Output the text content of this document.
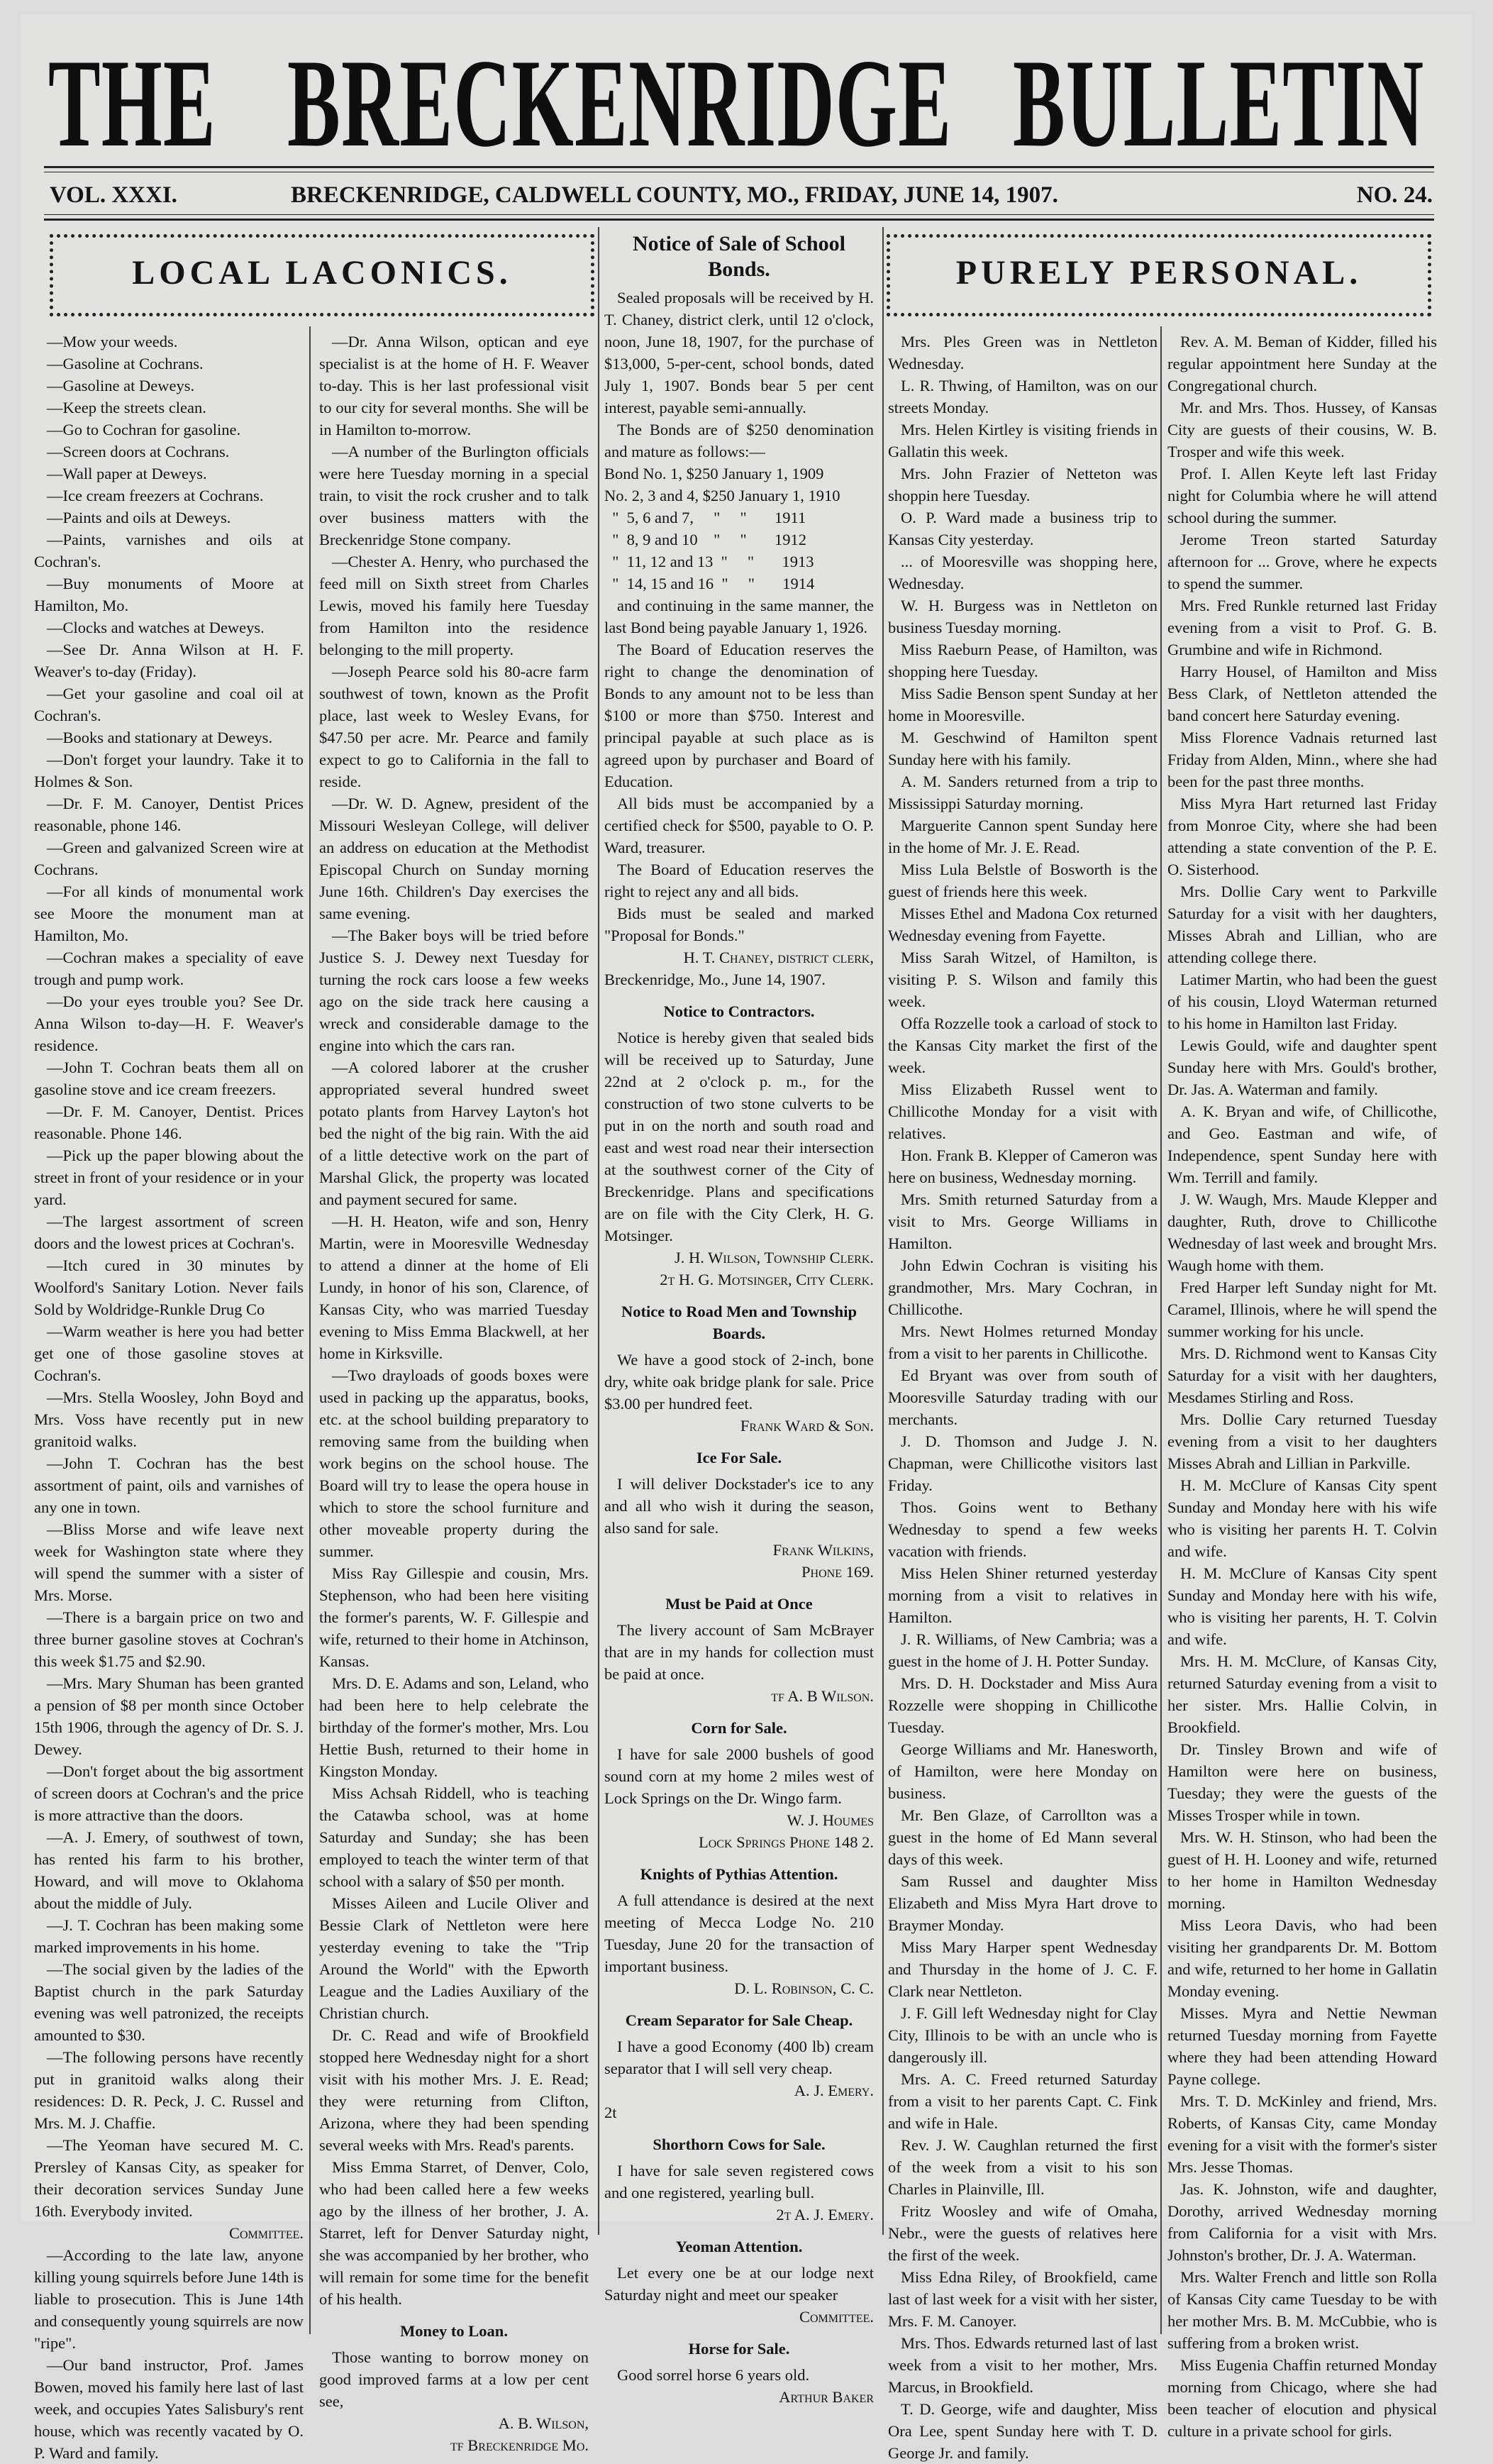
THE BRECKENRIDGE BULLETIN
VOL. XXXI.	BRECKENRIDGE, CALDWELL COUNTY, MO., FRIDAY, JUNE 14, 1907.	NO. 24.
LOCAL LACONICS.	PURELY PERSONAL.

—Mow your weeds.

—Gasoline at Cochrans.

—Gasoline at Deweys.

—Keep the streets clean.

—Go to Cochran for gasoline.

—Screen doors at Cochrans.

—Wall paper at Deweys.

—Ice cream freezers at Cochrans.

—Paints and oils at Deweys.

—Paints, varnishes and oils at Cochran's.

—Buy monuments of Moore at Hamilton, Mo.

—Clocks and watches at Deweys.

—See Dr. Anna Wilson at H. F. Weaver's to-day (Friday).

—Get your gasoline and coal oil at Cochran's.

—Books and stationary at Deweys.

—Don't forget your laundry. Take it to Holmes & Son.

—Dr. F. M. Canoyer, Dentist Prices reasonable, phone 146.

—Green and galvanized Screen wire at Cochrans.

—For all kinds of monumental work see Moore the monument man at Hamilton, Mo.

—Cochran makes a speciality of eave trough and pump work.

—Do your eyes trouble you? See Dr. Anna Wilson to-day—H. F. Weaver's residence.

—John T. Cochran beats them all on gasoline stove and ice cream freezers.

—Dr. F. M. Canoyer, Dentist. Prices reasonable. Phone 146.

—Pick up the paper blowing about the street in front of your residence or in your yard.

—The largest assortment of screen doors and the lowest prices at Cochran's.

—Itch cured in 30 minutes by Woolford's Sanitary Lotion. Never fails Sold by Woldridge-Runkle Drug Co

—Warm weather is here you had better get one of those gasoline stoves at Cochran's.

—Mrs. Stella Woosley, John Boyd and Mrs. Voss have recently put in new granitoid walks.

—John T. Cochran has the best assortment of paint, oils and varnishes of any one in town.

—Bliss Morse and wife leave next week for Washington state where they will spend the summer with a sister of Mrs. Morse.

—There is a bargain price on two and three burner gasoline stoves at Cochran's this week $1.75 and $2.90.

—Mrs. Mary Shuman has been granted a pension of $8 per month since October 15th 1906, through the agency of Dr. S. J. Dewey.

—Don't forget about the big assortment of screen doors at Cochran's and the price is more attractive than the doors.

—A. J. Emery, of southwest of town, has rented his farm to his brother, Howard, and will move to Oklahoma about the middle of July.

—J. T. Cochran has been making some marked improvements in his home.

—The social given by the ladies of the Baptist church in the park Saturday evening was well patronized, the receipts amounted to $30.

—The following persons have recently put in granitoid walks along their residences: D. R. Peck, J. C. Russel and Mrs. M. J. Chaffie.

—The Yeoman have secured M. C. Prersley of Kansas City, as speaker for their decoration services Sunday June 16th. Everybody invited.

Committee.

—According to the late law, anyone killing young squirrels before June 14th is liable to prosecution. This is June 14th and consequently young squirrels are now "ripe".

—Our band instructor, Prof. James Bowen, moved his family here last of last week, and occupies Yates Salisbury's rent house, which was recently vacated by O. P. Ward and family.

—Dr. Anna Wilson, optican and eye specialist is at the home of H. F. Weaver to-day. This is her last professional visit to our city for several months. She will be in Hamilton to-morrow.

—A number of the Burlington officials were here Tuesday morning in a special train, to visit the rock crusher and to talk over business matters with the Breckenridge Stone company.

—Chester A. Henry, who purchased the feed mill on Sixth street from Charles Lewis, moved his family here Tuesday from Hamilton into the residence belonging to the mill property.

—Joseph Pearce sold his 80-acre farm southwest of town, known as the Profit place, last week to Wesley Evans, for $47.50 per acre. Mr. Pearce and family expect to go to California in the fall to reside.

—Dr. W. D. Agnew, president of the Missouri Wesleyan College, will deliver an address on education at the Methodist Episcopal Church on Sunday morning June 16th. Children's Day exercises the same evening.

—The Baker boys will be tried before Justice S. J. Dewey next Tuesday for turning the rock cars loose a few weeks ago on the side track here causing a wreck and considerable damage to the engine into which the cars ran.

—A colored laborer at the crusher appropriated several hundred sweet potato plants from Harvey Layton's hot bed the night of the big rain. With the aid of a little detective work on the part of Marshal Glick, the property was located and payment secured for same.

—H. H. Heaton, wife and son, Henry Martin, were in Mooresville Wednesday to attend a dinner at the home of Eli Lundy, in honor of his son, Clarence, of Kansas City, who was married Tuesday evening to Miss Emma Blackwell, at her home in Kirksville.

—Two drayloads of goods boxes were used in packing up the apparatus, books, etc. at the school building preparatory to removing same from the building when work begins on the school house. The Board will try to lease the opera house in which to store the school furniture and other moveable property during the summer.

Miss Ray Gillespie and cousin, Mrs. Stephenson, who had been here visiting the former's parents, W. F. Gillespie and wife, returned to their home in Atchinson, Kansas.

Mrs. D. E. Adams and son, Leland, who had been here to help celebrate the birthday of the former's mother, Mrs. Lou Hettie Bush, returned to their home in Kingston Monday.

Miss Achsah Riddell, who is teaching the Catawba school, was at home Saturday and Sunday; she has been employed to teach the winter term of that school with a salary of $50 per month.

Misses Aileen and Lucile Oliver and Bessie Clark of Nettleton were here yesterday evening to take the "Trip Around the World" with the Epworth League and the Ladies Auxiliary of the Christian church.

Dr. C. Read and wife of Brookfield stopped here Wednesday night for a short visit with his mother Mrs. J. E. Read; they were returning from Clifton, Arizona, where they had been spending several weeks with Mrs. Read's parents.

Miss Emma Starret, of Denver, Colo, who had been called here a few weeks ago by the illness of her brother, J. A. Starret, left for Denver Saturday night, she was accompanied by her brother, who will remain for some time for the benefit of his health.

Money to Loan.

Those wanting to borrow money on good improved farms at a low per cent see,

A. B. Wilson,

tf Breckenridge Mo.

Notice of Sale of School Bonds.

Sealed proposals will be received by H. T. Chaney, district clerk, until 12 o'clock, noon, June 18, 1907, for the purchase of $13,000, 5-per-cent, school bonds, dated July 1, 1907. Bonds bear 5 per cent interest, payable semi-annually.

The Bonds are of $250 denomination and mature as follows:—

Bond No. 1, $250 January 1, 1909

No. 2, 3 and 4, $250 January 1, 1910

"  5, 6 and 7,     "     "       1911

"  8, 9 and 10    "     "       1912

"  11, 12 and 13  "     "       1913

"  14, 15 and 16  "     "       1914

and continuing in the same manner, the last Bond being payable January 1, 1926.

The Board of Education reserves the right to change the denomination of Bonds to any amount not to be less than $100 or more than $750. Interest and principal payable at such place as is agreed upon by purchaser and Board of Education.

All bids must be accompanied by a certified check for $500, payable to O. P. Ward, treasurer.

The Board of Education reserves the right to reject any and all bids.

Bids must be sealed and marked "Proposal for Bonds."

H. T. Chaney, district clerk,

Breckenridge, Mo., June 14, 1907.

Notice to Contractors.

Notice is hereby given that sealed bids will be received up to Saturday, June 22nd at 2 o'clock p. m., for the construction of two stone culverts to be put in on the north and south road and east and west road near their intersection at the southwest corner of the City of Breckenridge. Plans and specifications are on file with the City Clerk, H. G. Motsinger.

J. H. Wilson, Township Clerk.

2t H. G. Motsinger, City Clerk.

Notice to Road Men and Township Boards.

We have a good stock of 2-inch, bone dry, white oak bridge plank for sale. Price $3.00 per hundred feet.

Frank Ward & Son.

Ice For Sale.

I will deliver Dockstader's ice to any and all who wish it during the season, also sand for sale.

Frank Wilkins,

Phone 169.

Must be Paid at Once

The livery account of Sam McBrayer that are in my hands for collection must be paid at once.

tf A. B Wilson.

Corn for Sale.

I have for sale 2000 bushels of good sound corn at my home 2 miles west of Lock Springs on the Dr. Wingo farm.

W. J. Houmes

Lock Springs Phone 148 2.

Knights of Pythias Attention.

A full attendance is desired at the next meeting of Mecca Lodge No. 210 Tuesday, June 20 for the transaction of important business.

D. L. Robinson, C. C.

Cream Separator for Sale Cheap.

I have a good Economy (400 lb) cream separator that I will sell very cheap.

A. J. Emery.

2t

Shorthorn Cows for Sale.

I have for sale seven registered cows and one registered, yearling bull.

2t A. J. Emery.

Yeoman Attention.

Let every one be at our lodge next Saturday night and meet our speaker

Committee.

Horse for Sale.

Good sorrel horse 6 years old.

Arthur Baker

Mrs. Ples Green was in Nettleton Wednesday.

L. R. Thwing, of Hamilton, was on our streets Monday.

Mrs. Helen Kirtley is visiting friends in Gallatin this week.

Mrs. John Frazier of Netteton was shoppin here Tuesday.

O. P. Ward made a business trip to Kansas City yesterday.

... of Mooresville was shopping here, Wednesday.

W. H. Burgess was in Nettleton on business Tuesday morning.

Miss Raeburn Pease, of Hamilton, was shopping here Tuesday.

Miss Sadie Benson spent Sunday at her home in Mooresville.

M. Geschwind of Hamilton spent Sunday here with his family.

A. M. Sanders returned from a trip to Mississippi Saturday morning.

Marguerite Cannon spent Sunday here in the home of Mr. J. E. Read.

Miss Lula Belstle of Bosworth is the guest of friends here this week.

Misses Ethel and Madona Cox returned Wednesday evening from Fayette.

Miss Sarah Witzel, of Hamilton, is visiting P. S. Wilson and family this week.

Offa Rozzelle took a carload of stock to the Kansas City market the first of the week.

Miss Elizabeth Russel went to Chillicothe Monday for a visit with relatives.

Hon. Frank B. Klepper of Cameron was here on business, Wednesday morning.

Mrs. Smith returned Saturday from a visit to Mrs. George Williams in Hamilton.

John Edwin Cochran is visiting his grandmother, Mrs. Mary Cochran, in Chillicothe.

Mrs. Newt Holmes returned Monday from a visit to her parents in Chillicothe.

Ed Bryant was over from south of Mooresville Saturday trading with our merchants.

J. D. Thomson and Judge J. N. Chapman, were Chillicothe visitors last Friday.

Thos. Goins went to Bethany Wednesday to spend a few weeks vacation with friends.

Miss Helen Shiner returned yesterday morning from a visit to relatives in Hamilton.

J. R. Williams, of New Cambria; was a guest in the home of J. H. Potter Sunday.

Mrs. D. H. Dockstader and Miss Aura Rozzelle were shopping in Chillicothe Tuesday.

George Williams and Mr. Hanesworth, of Hamilton, were here Monday on business.

Mr. Ben Glaze, of Carrollton was a guest in the home of Ed Mann several days of this week.

Sam Russel and daughter Miss Elizabeth and Miss Myra Hart drove to Braymer Monday.

Miss Mary Harper spent Wednesday and Thursday in the home of J. C. F. Clark near Nettleton.

J. F. Gill left Wednesday night for Clay City, Illinois to be with an uncle who is dangerously ill.

Mrs. A. C. Freed returned Saturday from a visit to her parents Capt. C. Fink and wife in Hale.

Rev. J. W. Caughlan returned the first of the week from a visit to his son Charles in Plainville, Ill.

Fritz Woosley and wife of Omaha, Nebr., were the guests of relatives here the first of the week.

Miss Edna Riley, of Brookfield, came last of last week for a visit with her sister, Mrs. F. M. Canoyer.

Mrs. Thos. Edwards returned last of last week from a visit to her mother, Mrs. Marcus, in Brookfield.

T. D. George, wife and daughter, Miss Ora Lee, spent Sunday here with T. D. George Jr. and family.

Rev. A. M. Beman of Kidder, filled his regular appointment here Sunday at the Congregational church.

Mr. and Mrs. Thos. Hussey, of Kansas City are guests of their cousins, W. B. Trosper and wife this week.

Prof. I. Allen Keyte left last Friday night for Columbia where he will attend school during the summer.

Jerome Treon started Saturday afternoon for ... Grove, where he expects to spend the summer.

Mrs. Fred Runkle returned last Friday evening from a visit to Prof. G. B. Grumbine and wife in Richmond.

Harry Housel, of Hamilton and Miss Bess Clark, of Nettleton attended the band concert here Saturday evening.

Miss Florence Vadnais returned last Friday from Alden, Minn., where she had been for the past three months.

Miss Myra Hart returned last Friday from Monroe City, where she had been attending a state convention of the P. E. O. Sisterhood.

Mrs. Dollie Cary went to Parkville Saturday for a visit with her daughters, Misses Abrah and Lillian, who are attending college there.

Latimer Martin, who had been the guest of his cousin, Lloyd Waterman returned to his home in Hamilton last Friday.

Lewis Gould, wife and daughter spent Sunday here with Mrs. Gould's brother, Dr. Jas. A. Waterman and family.

A. K. Bryan and wife, of Chillicothe, and Geo. Eastman and wife, of Independence, spent Sunday here with Wm. Terrill and family.

J. W. Waugh, Mrs. Maude Klepper and daughter, Ruth, drove to Chillicothe Wednesday of last week and brought Mrs. Waugh home with them.

Fred Harper left Sunday night for Mt. Caramel, Illinois, where he will spend the summer working for his uncle.

Mrs. D. Richmond went to Kansas City Saturday for a visit with her daughters, Mesdames Stirling and Ross.

Mrs. Dollie Cary returned Tuesday evening from a visit to her daughters Misses Abrah and Lillian in Parkville.

H. M. McClure of Kansas City spent Sunday and Monday here with his wife who is visiting her parents H. T. Colvin and wife.

H. M. McClure of Kansas City spent Sunday and Monday here with his wife, who is visiting her parents, H. T. Colvin and wife.

Mrs. H. M. McClure, of Kansas City, returned Saturday evening from a visit to her sister. Mrs. Hallie Colvin, in Brookfield.

Dr. Tinsley Brown and wife of Hamilton were here on business, Tuesday; they were the guests of the Misses Trosper while in town.

Mrs. W. H. Stinson, who had been the guest of H. H. Looney and wife, returned to her home in Hamilton Wednesday morning.

Miss Leora Davis, who had been visiting her grandparents Dr. M. Bottom and wife, returned to her home in Gallatin Monday evening.

Misses. Myra and Nettie Newman returned Tuesday morning from Fayette where they had been attending Howard Payne college.

Mrs. T. D. McKinley and friend, Mrs. Roberts, of Kansas City, came Monday evening for a visit with the former's sister Mrs. Jesse Thomas.

Jas. K. Johnston, wife and daughter, Dorothy, arrived Wednesday morning from California for a visit with Mrs. Johnston's brother, Dr. J. A. Waterman.

Mrs. Walter French and little son Rolla of Kansas City came Tuesday to be with her mother Mrs. B. M. McCubbie, who is suffering from a broken wrist.

Miss Eugenia Chaffin returned Monday morning from Chicago, where she had been teacher of elocution and physical culture in a private school for girls.
